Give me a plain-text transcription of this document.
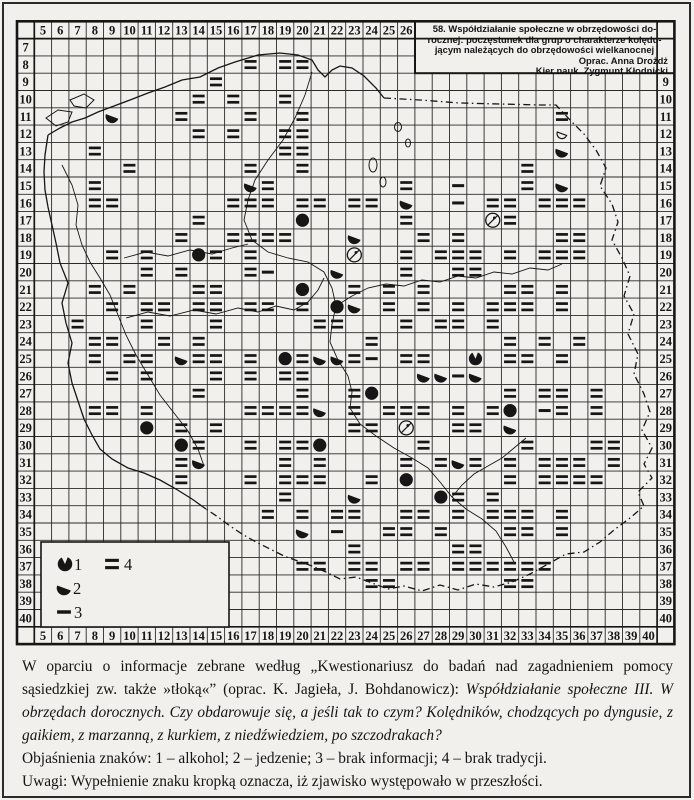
5 6 7 8 9 10 11 12 13 14 15 16 17 18 19 20 21 22 23 24 25 26
5 6 7 8 9 10 11 12 13 14 15 16 17 18 19 20 21 22 23 24 25 26 27 28 29 30 31 32 33 34 35 36 37 38 39 40
7
8
9
10
11
12
13
14
15
16
17
18
19
20
21
22
23
24
25
26
27
28
29
30
31
32
33
34
35
36
37
38
39
40
9
10
11
12
13
14
15
16
17
18
19
20
21
22
23
24
25
26
27
28
29
30
31
32
33
34
35
36
37
38
39
40
1	4
2
3
58. Współdziałanie społeczne w obrzędowości do-
rocznej: poczęstunek dla grup o charakterze kolędu-
jącym należących do obrzędowości wielkanocnej
Oprac. Anna Drożdż
Kier nauk. Zygmunt Kłodnicki

W oparciu o informacje zebrane według „Kwestionariusz do badań nad zagadnieniem pomocy sąsiedzkiej zw. także »tłoką«” (oprac. K. Jagieła, J. Bohdanowicz): Współdziałanie społeczne III. W obrzędach dorocznych. Czy obdarowuje się, a jeśli tak to czym? Kolędników, chodzących po dyngusie, z gaikiem, z marzanną, z kurkiem, z niedźwiedziem, po szczodrakach?

Objaśnienia znaków: 1 – alkohol; 2 – jedzenie; 3 – brak informacji; 4 – brak tradycji.

Uwagi: Wypełnienie znaku kropką oznacza, iż zjawisko występowało w przeszłości.
